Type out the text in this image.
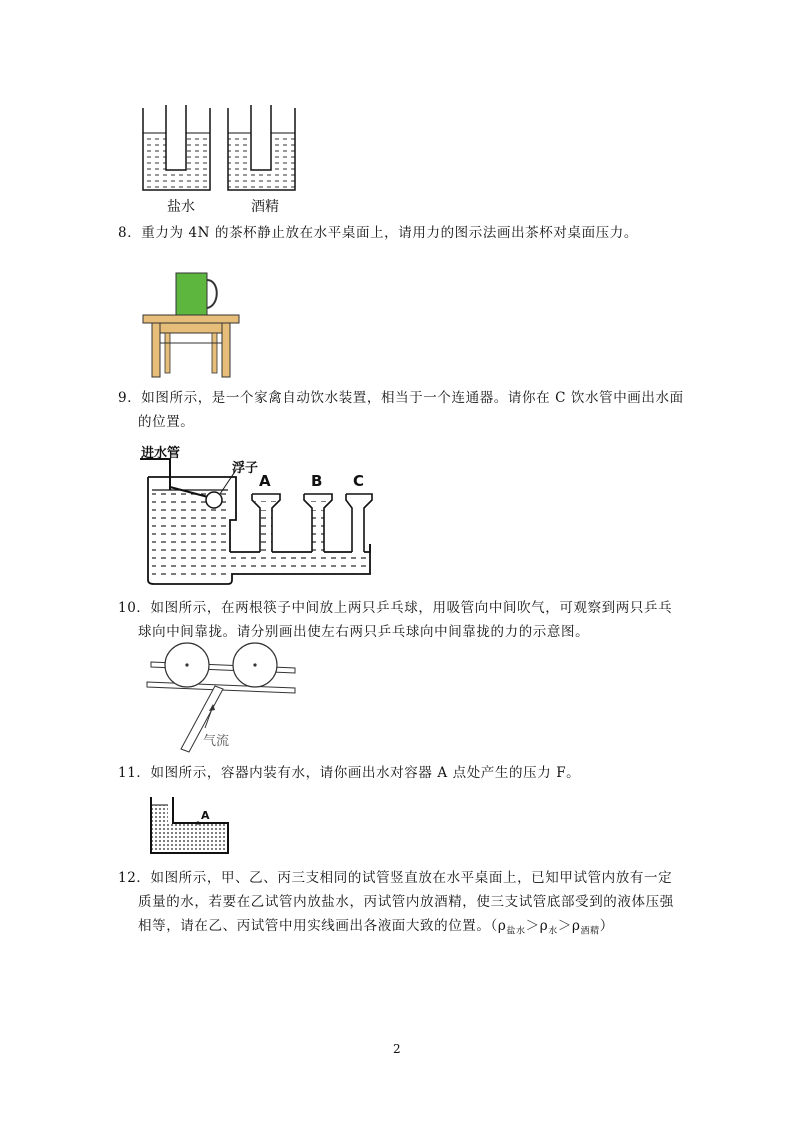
盐水	酒精
8．重力为 4N 的茶杯静止放在水平桌面上，请用力的图示法画出茶杯对桌面压力。
9．如图所示，是一个家禽自动饮水装置，相当于一个连通器。请你在 C 饮水管中画出水面

的位置。
进水管
浮子
A	B C
10．如图所示，在两根筷子中间放上两只乒乓球，用吸管向中间吹气，可观察到两只乒乓

球向中间靠拢。请分别画出使左右两只乒乓球向中间靠拢的力的示意图。
气流
11．如图所示，容器内装有水，请你画出水对容器 A 点处产生的压力 F。
A
12．如图所示，甲、乙、丙三支相同的试管竖直放在水平桌面上，已知甲试管内放有一定

质量的水，若要在乙试管内放盐水，丙试管内放酒精，使三支试管底部受到的液体压强
相等，请在乙、丙试管中用实线画出各液面大致的位置。$(\rho_{盐水}>\rho_水>\rho_{酒精})$
2
